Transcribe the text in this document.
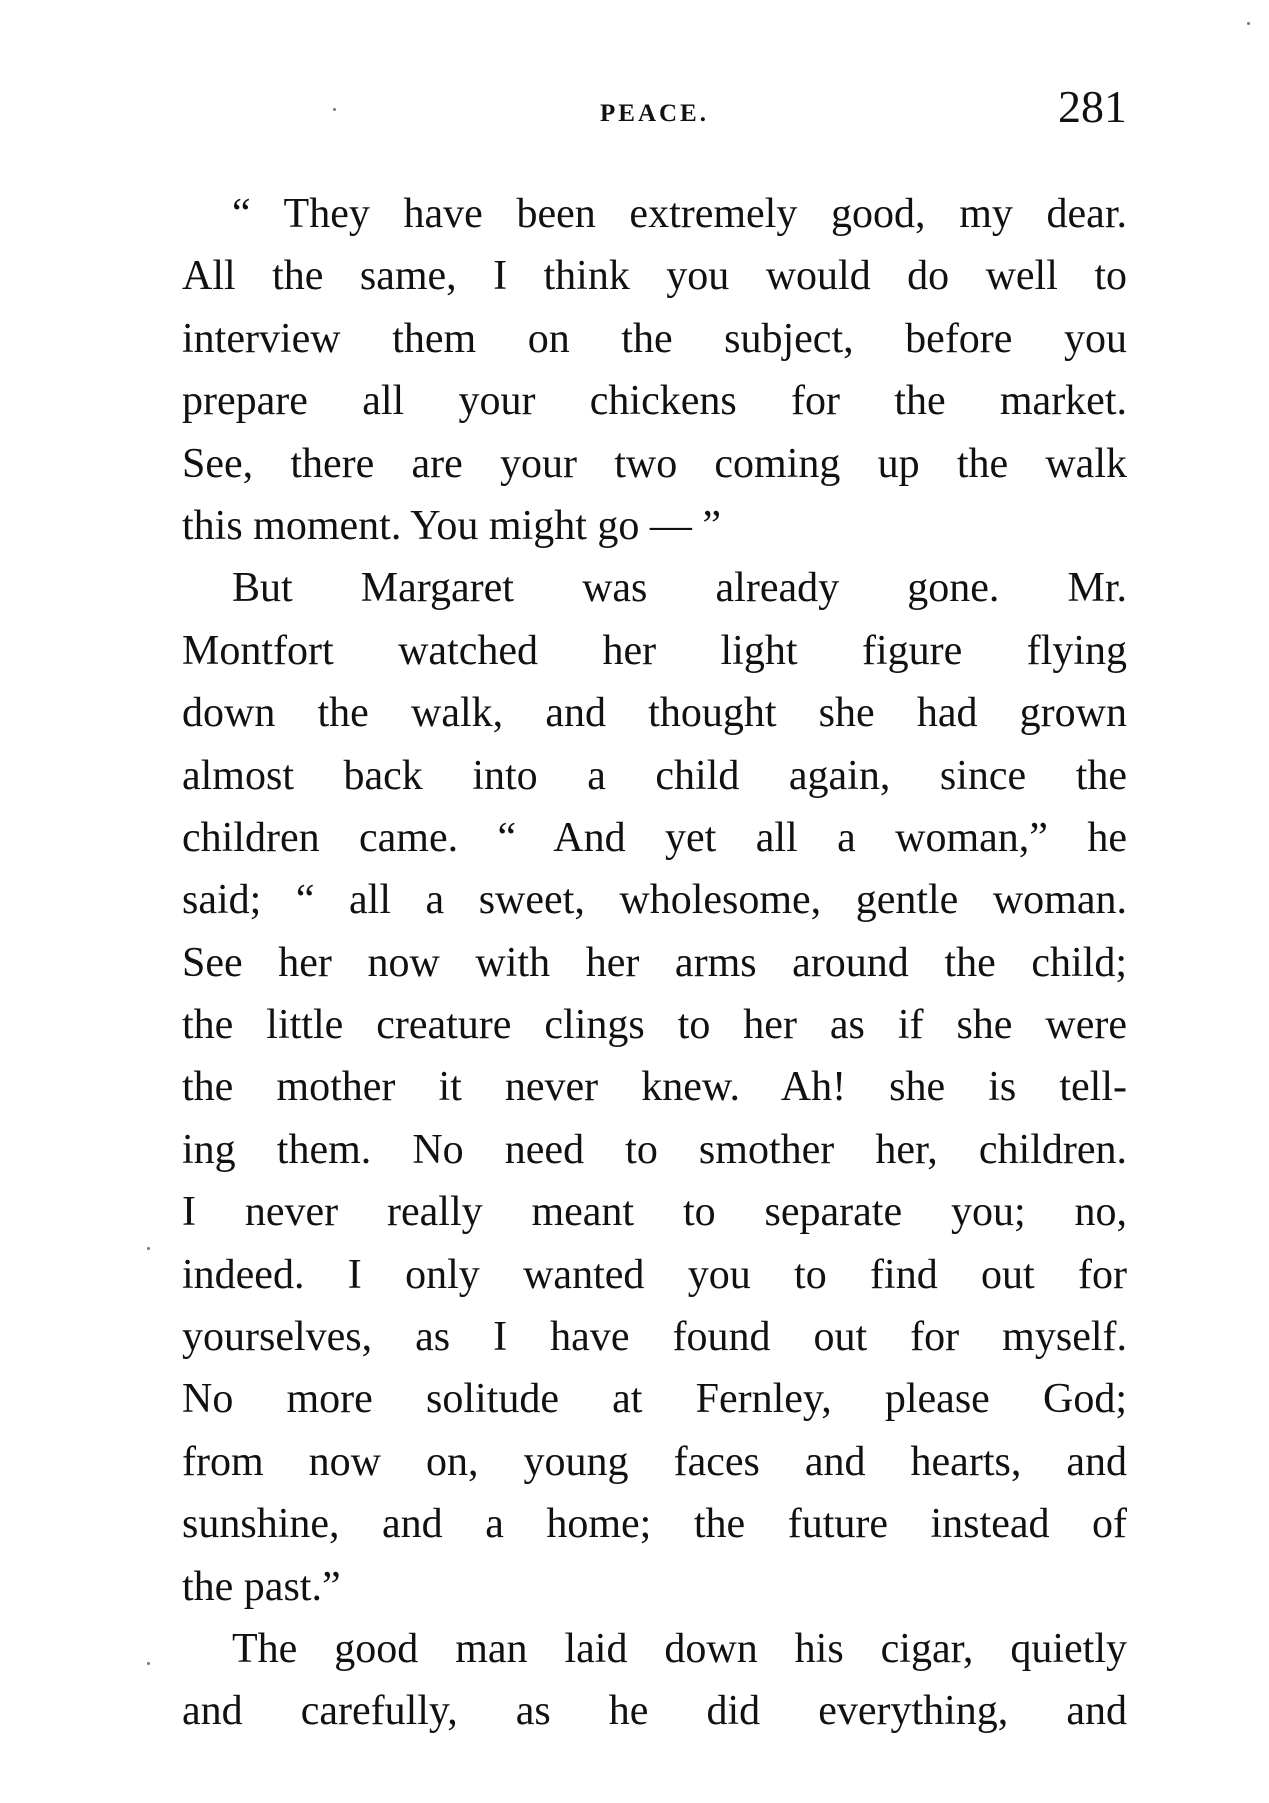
PEACE.	281
“ They have been extremely good, my dear.
All the same, I think you would do well to
interview them on the subject, before you
prepare all your chickens for the market.
See, there are your two coming up the walk
this moment. You might go — ”
But Margaret was already gone. Mr.
Montfort watched her light figure flying
down the walk, and thought she had grown
almost back into a child again, since the
children came. “ And yet all a woman,” he
said; “ all a sweet, wholesome, gentle woman.
See her now with her arms around the child;
the little creature clings to her as if she were
the mother it never knew. Ah! she is tell-
ing them. No need to smother her, children.
I never really meant to separate you; no,
indeed. I only wanted you to find out for
yourselves, as I have found out for myself.
No more solitude at Fernley, please God;
from now on, young faces and hearts, and
sunshine, and a home; the future instead of
the past.”
The good man laid down his cigar, quietly
and carefully, as he did everything, and
